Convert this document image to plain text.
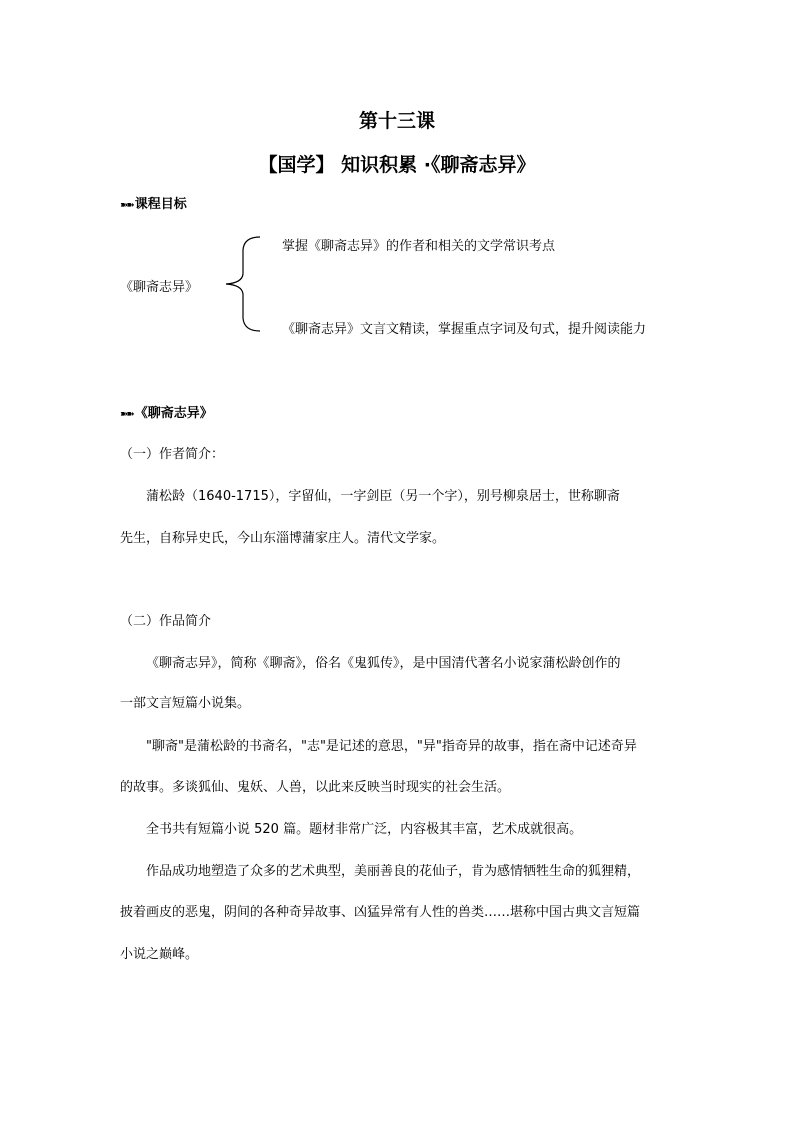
第十三课
【国学】 知识积累 ·《聊斋志异》
➽➽ 课程目标
《聊斋志异》
掌握《聊斋志异》的作者和相关的文学常识考点
《聊斋志异》文言文精读，掌握重点字词及句式，提升阅读能力
➽➽ 《聊斋志异》
（一）作者简介：
蒲松龄（1640-1715），字留仙，一字剑臣（另一个字），别号柳泉居士，世称聊斋
先生，自称异史氏，今山东淄博蒲家庄人。清代文学家。
（二）作品简介
《聊斋志异》，简称《聊斋》，俗名《鬼狐传》，是中国清代著名小说家蒲松龄创作的
一部文言短篇小说集。
"聊斋"是蒲松龄的书斋名，"志"是记述的意思，"异"指奇异的故事，指在斋中记述奇异
的故事。多谈狐仙、鬼妖、人兽，以此来反映当时现实的社会生活。
全书共有短篇小说 520 篇。题材非常广泛，内容极其丰富，艺术成就很高。
作品成功地塑造了众多的艺术典型，美丽善良的花仙子，肯为感情牺牲生命的狐狸精，
披着画皮的恶鬼，阴间的各种奇异故事、凶猛异常有人性的兽类……堪称中国古典文言短篇
小说之巅峰。
